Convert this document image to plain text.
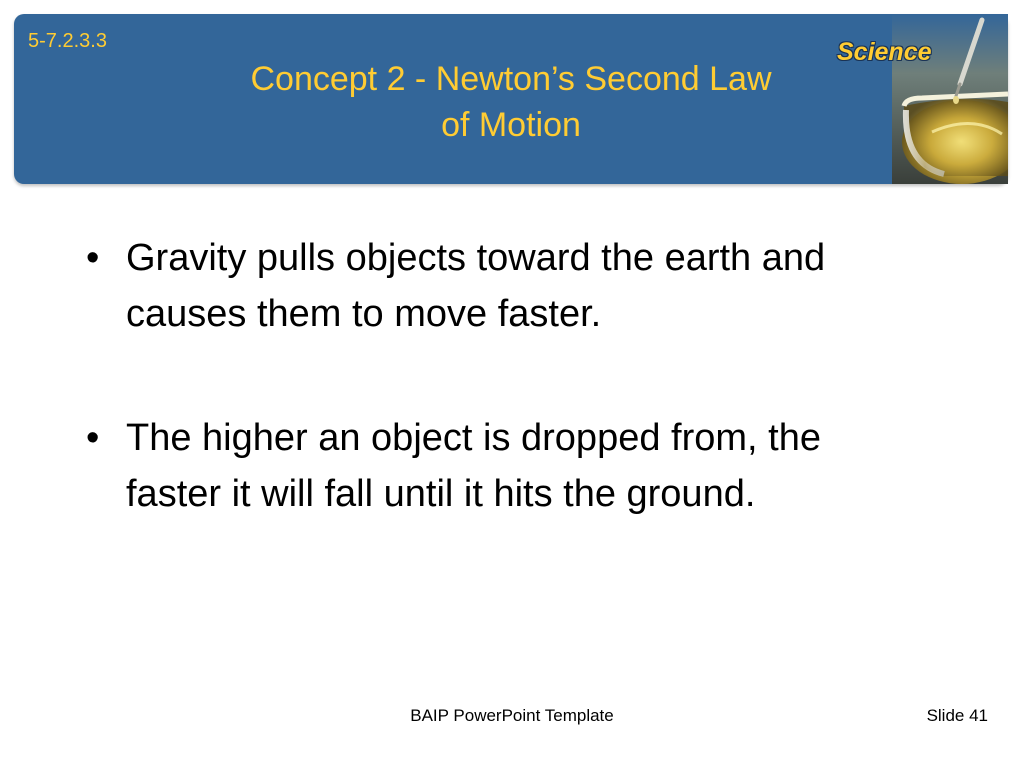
5-7.2.3.3
Concept 2 - Newton’s Second Law
of Motion
Science
• Gravity pulls objects toward the earth and causes them to move faster.
• The higher an object is dropped from, the faster it will fall until it hits the ground.
BAIP PowerPoint Template	Slide 41
